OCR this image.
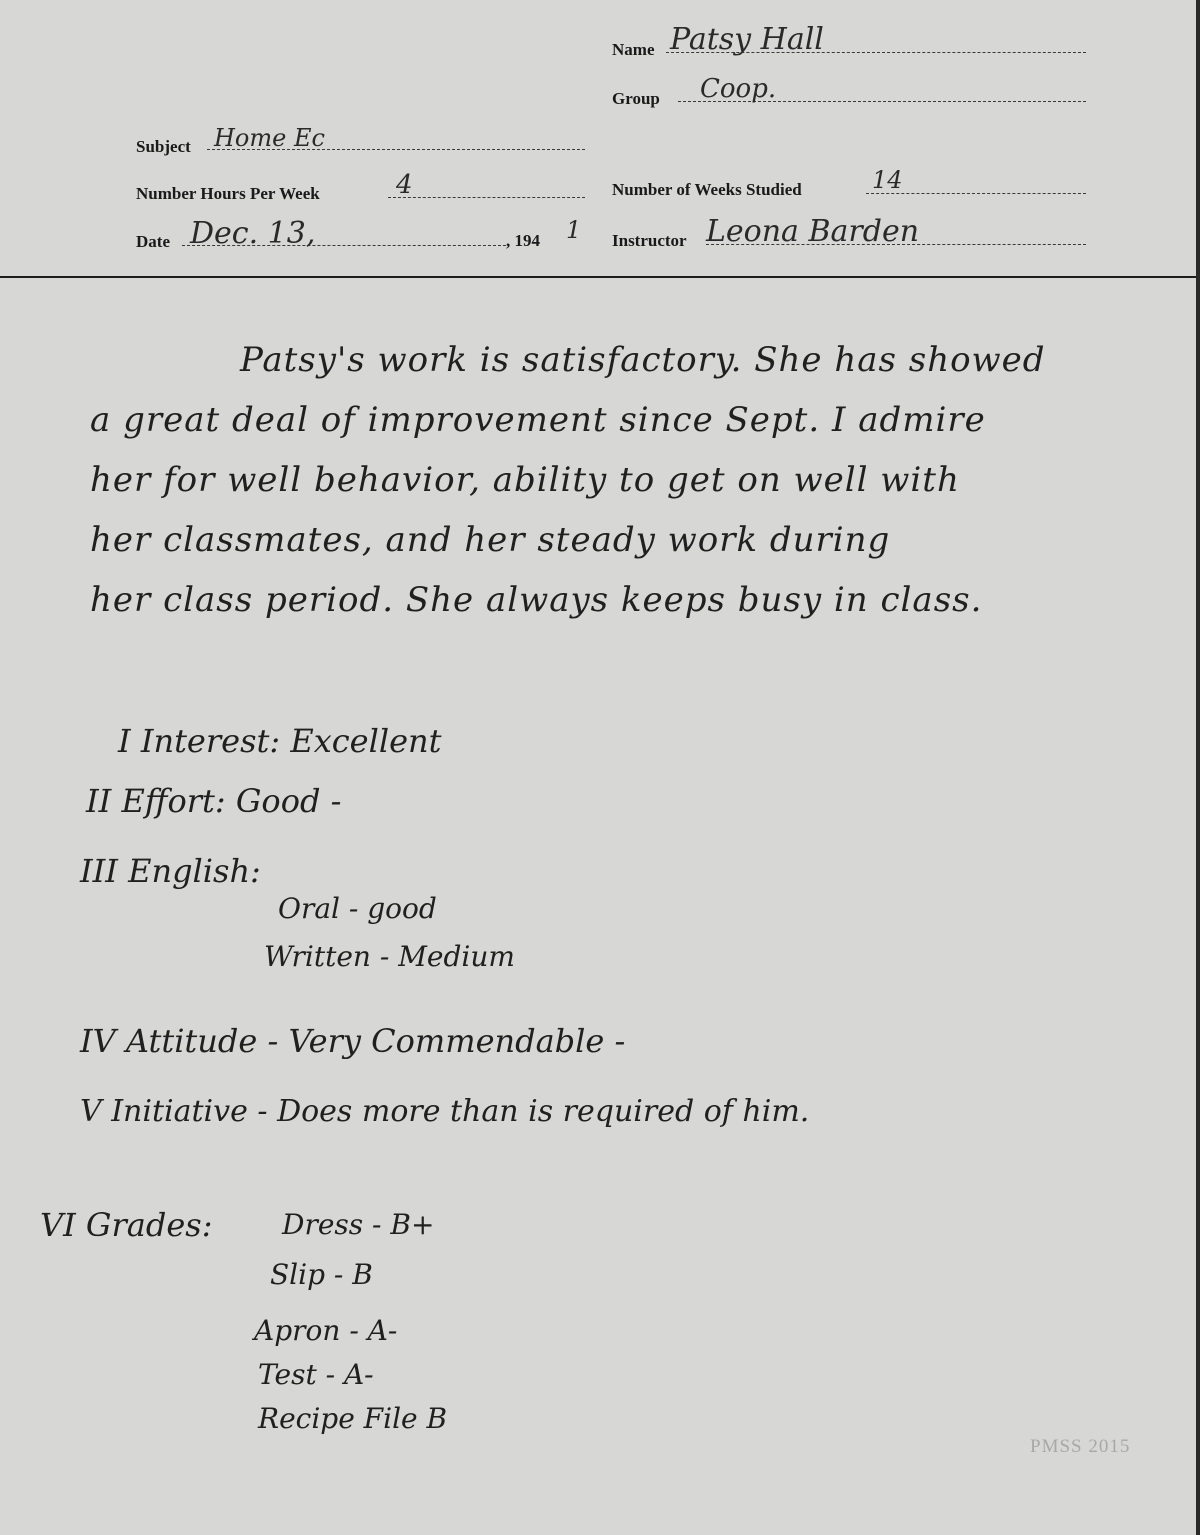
Name Patsy Hall
Group Coop.
Subject Home Ec
Number Hours Per Week	4	Number of Weeks Studied	14
Date Dec. 13,	, 194 1 Instructor Leona Barden
Patsy's work is satisfactory. She has showed
a great deal of improvement since Sept. I admire
her for well behavior, ability to get on well with
her classmates, and her steady work during
her class period. She always keeps busy in class.
I Interest: Excellent
II Effort: Good -
III English:
Oral - good
Written - Medium
IV Attitude - Very Commendable -
V Initiative - Does more than is required of him.
VI Grades: Dress - B+
Slip - B
Apron - A-
Test - A-
Recipe File B
PMSS 2015
